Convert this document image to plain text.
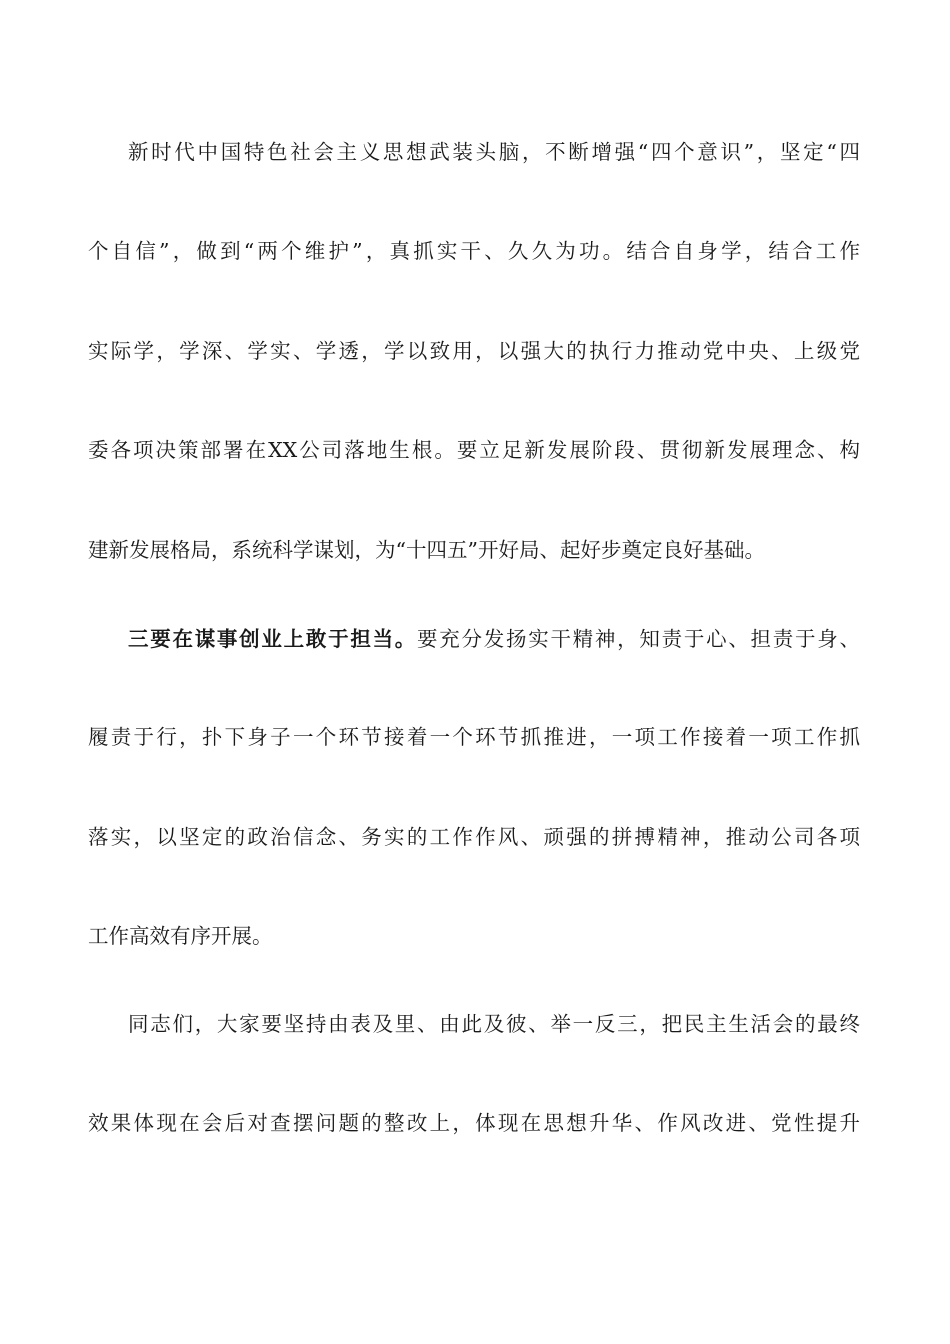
新时代中国特色社会主义思想武装头脑，不断增强“四个意识”，坚定“四
个自信”，做到“两个维护”，真抓实干、久久为功。结合自身学，结合工作
实际学，学深、学实、学透，学以致用，以强大的执行力推动党中央、上级党
委各项决策部署在XX公司落地生根。要立足新发展阶段、贯彻新发展理念、构
建新发展格局，系统科学谋划，为“十四五”开好局、起好步奠定良好基础。
三要在谋事创业上敢于担当。要充分发扬实干精神，知责于心、担责于身、
履责于行，扑下身子一个环节接着一个环节抓推进，一项工作接着一项工作抓
落实，以坚定的政治信念、务实的工作作风、顽强的拼搏精神，推动公司各项
工作高效有序开展。
同志们，大家要坚持由表及里、由此及彼、举一反三，把民主生活会的最终
效果体现在会后对查摆问题的整改上，体现在思想升华、作风改进、党性提升
